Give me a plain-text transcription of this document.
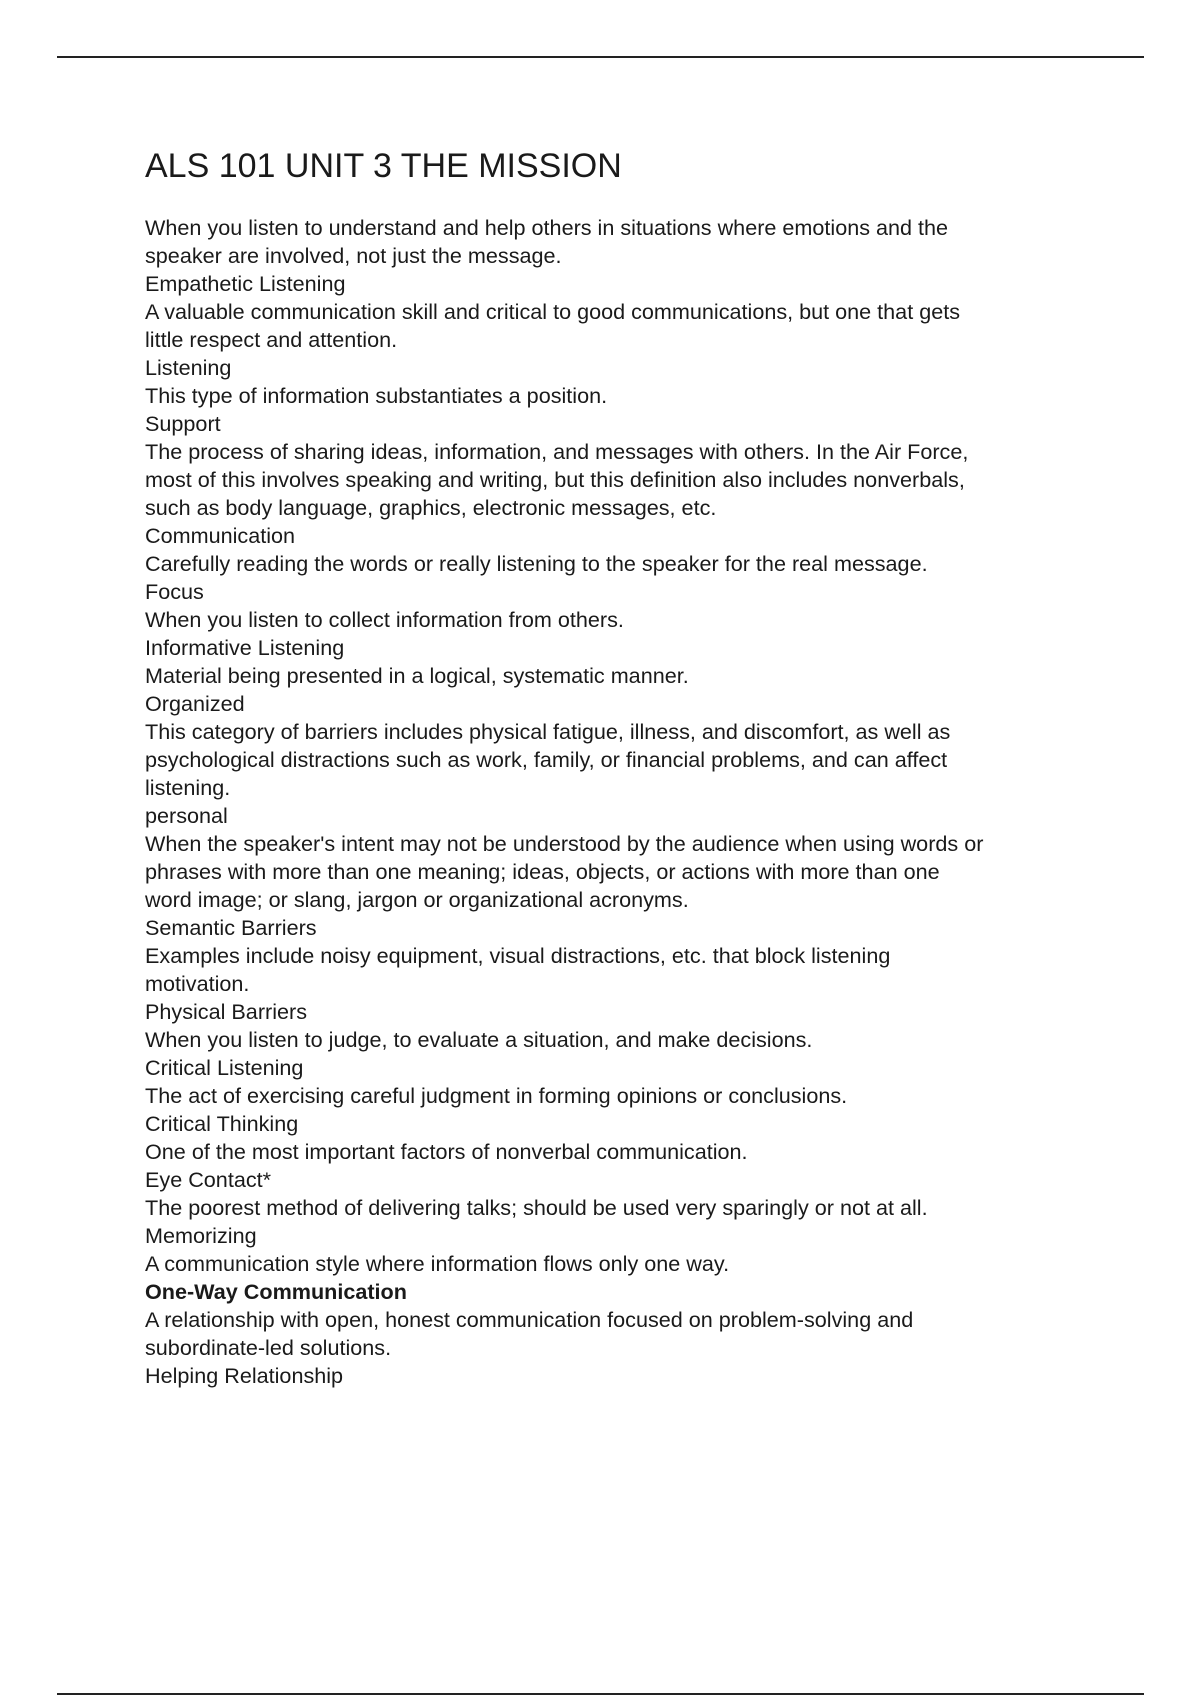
ALS 101 UNIT 3 THE MISSION
When you listen to understand and help others in situations where emotions and the
speaker are involved, not just the message.
Empathetic Listening
A valuable communication skill and critical to good communications, but one that gets
little respect and attention.
Listening
This type of information substantiates a position.
Support
The process of sharing ideas, information, and messages with others. In the Air Force,
most of this involves speaking and writing, but this definition also includes nonverbals,
such as body language, graphics, electronic messages, etc.
Communication
Carefully reading the words or really listening to the speaker for the real message.
Focus
When you listen to collect information from others.
Informative Listening
Material being presented in a logical, systematic manner.
Organized
This category of barriers includes physical fatigue, illness, and discomfort, as well as
psychological distractions such as work, family, or financial problems, and can affect
listening.
personal
When the speaker's intent may not be understood by the audience when using words or
phrases with more than one meaning; ideas, objects, or actions with more than one
word image; or slang, jargon or organizational acronyms.
Semantic Barriers
Examples include noisy equipment, visual distractions, etc. that block listening
motivation.
Physical Barriers
When you listen to judge, to evaluate a situation, and make decisions.
Critical Listening
The act of exercising careful judgment in forming opinions or conclusions.
Critical Thinking
One of the most important factors of nonverbal communication.
Eye Contact*
The poorest method of delivering talks; should be used very sparingly or not at all.
Memorizing
A communication style where information flows only one way.
One-Way Communication
A relationship with open, honest communication focused on problem-solving and
subordinate-led solutions.
Helping Relationship
